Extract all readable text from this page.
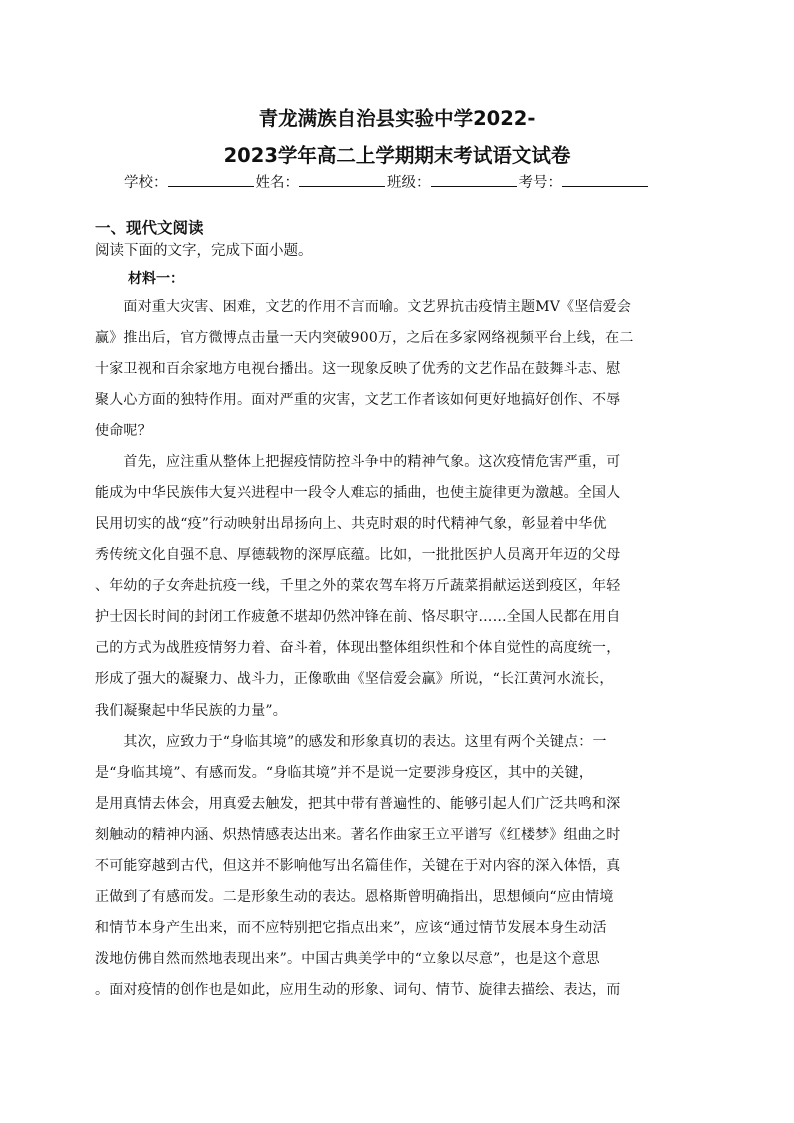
青龙满族自治县实验中学2022-
2023学年高二上学期期末考试语文试卷
学校：	姓名：	班级：	考号：
一、现代文阅读
阅读下面的文字，完成下面小题。
材料一：
　　面对重大灾害、困难，文艺的作用不言而喻。文艺界抗击疫情主题MV《坚信爱会
赢》推出后，官方微博点击量一天内突破900万，之后在多家网络视频平台上线，在二
十家卫视和百余家地方电视台播出。这一现象反映了优秀的文艺作品在鼓舞斗志、慰
聚人心方面的独特作用。面对严重的灾害，文艺工作者该如何更好地搞好创作、不辱
使命呢？
　　首先，应注重从整体上把握疫情防控斗争中的精神气象。这次疫情危害严重，可
能成为中华民族伟大复兴进程中一段令人难忘的插曲，也使主旋律更为激越。全国人
民用切实的战“疫”行动映射出昂扬向上、共克时艰的时代精神气象，彰显着中华优
秀传统文化自强不息、厚德载物的深厚底蕴。比如，一批批医护人员离开年迈的父母
、年幼的子女奔赴抗疫一线，千里之外的菜农驾车将万斤蔬菜捐献运送到疫区，年轻
护士因长时间的封闭工作疲惫不堪却仍然冲锋在前、恪尽职守……全国人民都在用自
己的方式为战胜疫情努力着、奋斗着，体现出整体组织性和个体自觉性的高度统一，
形成了强大的凝聚力、战斗力，正像歌曲《坚信爱会赢》所说，“长江黄河水流长，
我们凝聚起中华民族的力量”。
　　其次，应致力于“身临其境”的感发和形象真切的表达。这里有两个关键点：一
是“身临其境”、有感而发。“身临其境”并不是说一定要涉身疫区，其中的关键，
是用真情去体会，用真爱去触发，把其中带有普遍性的、能够引起人们广泛共鸣和深
刻触动的精神内涵、炽热情感表达出来。著名作曲家王立平谱写《红楼梦》组曲之时
不可能穿越到古代，但这并不影响他写出名篇佳作，关键在于对内容的深入体悟，真
正做到了有感而发。二是形象生动的表达。恩格斯曾明确指出，思想倾向“应由情境
和情节本身产生出来，而不应特别把它指点出来”，应该“通过情节发展本身生动活
泼地仿佛自然而然地表现出来”。中国古典美学中的“立象以尽意”，也是这个意思
。面对疫情的创作也是如此，应用生动的形象、词句、情节、旋律去描绘、表达，而
